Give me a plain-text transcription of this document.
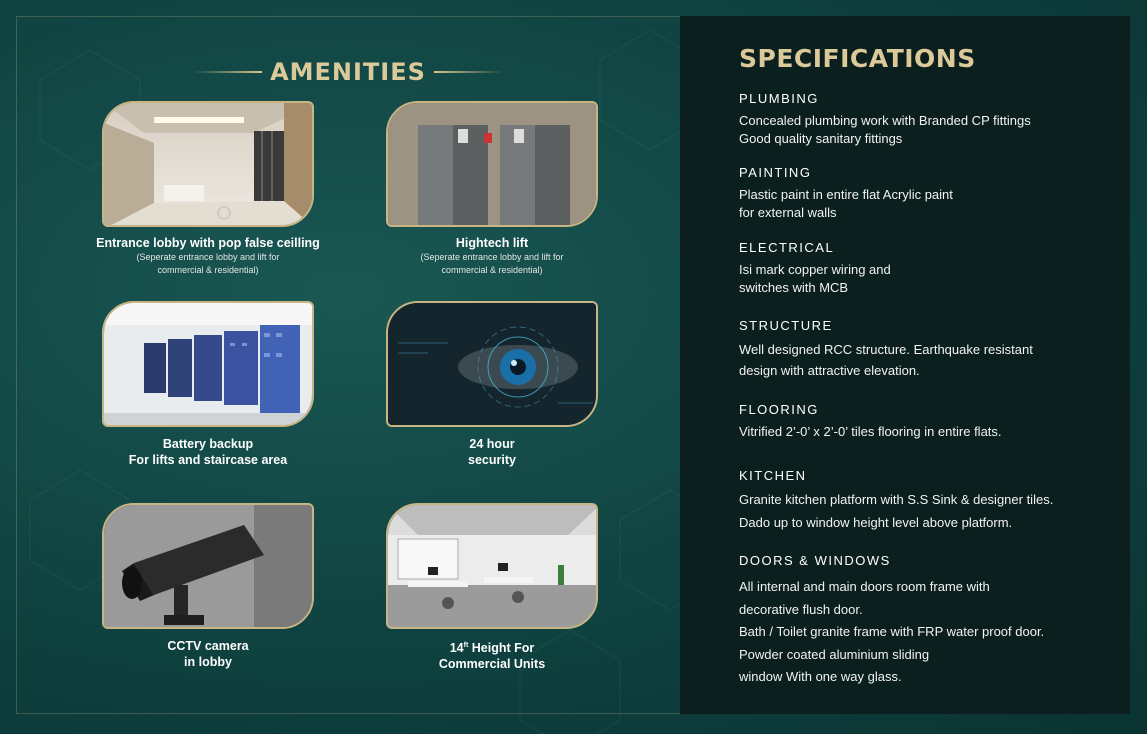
AMENITIES
Entrance lobby with pop false ceilling
(Seperate entrance lobby and lift for
commercial & residential)
Hightech lift
(Seperate entrance lobby and lift for
commercial & residential)
Battery backup
For lifts and staircase area
24 hour
security
CCTV camera
in lobby
$14^{ft}$ Height For
Commercial Units
SPECIFICATIONS
PLUMBING
Concealed plumbing work with Branded CP fittings
Good quality sanitary fittings
PAINTING
Plastic paint in entire flat Acrylic paint
for external walls
ELECTRICAL
Isi mark copper wiring and
switches with MCB
STRUCTURE
Well designed RCC structure. Earthquake resistant
design with attractive elevation.
FLOORING
Vitrified 2’-0’ x 2’-0’ tiles flooring in entire flats.
KITCHEN
Granite kitchen platform with S.S Sink & designer tiles.
Dado up to window height level above platform.
DOORS & WINDOWS
All internal and main doors room frame with
decorative flush door.
Bath / Toilet granite frame with FRP water proof door.
Powder coated aluminium sliding
window With one way glass.
